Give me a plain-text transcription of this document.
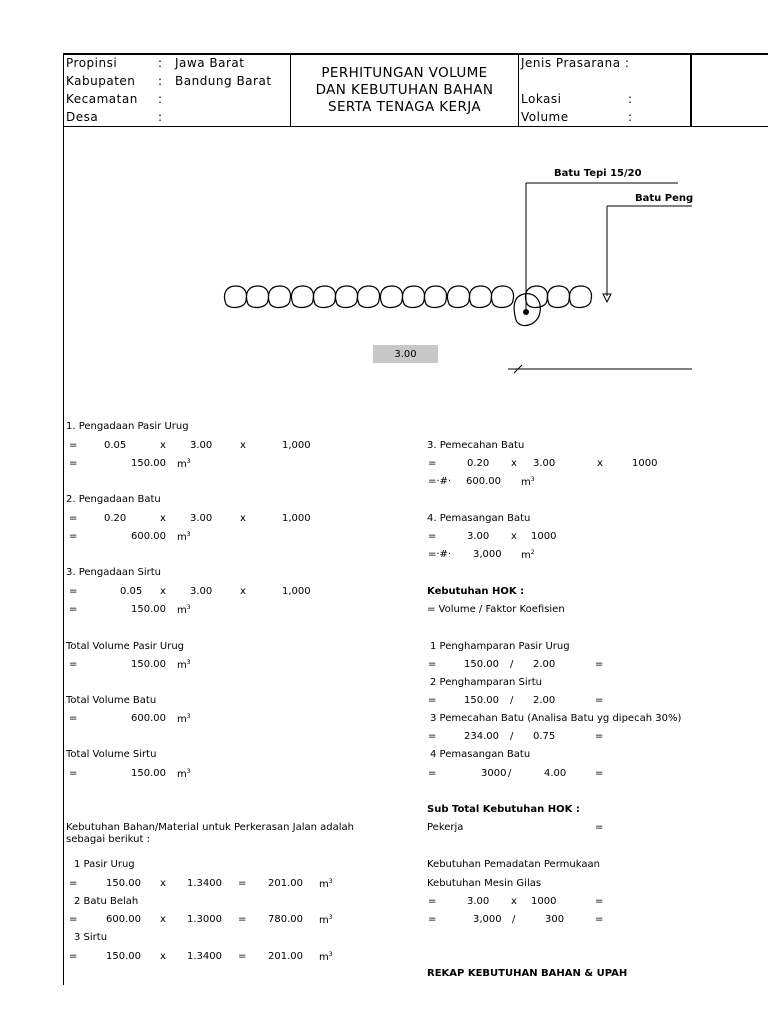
Propinsi	: Jawa Barat
Kabupaten : Bandung Barat
Kecamatan :
Desa	:
PERHITUNGAN VOLUME
DAN KEBUTUHAN BAHAN
SERTA TENAGA KERJA
Jenis Prasarana :
Lokasi	:
Volume	:
Batu Tepi 15/20
Batu Peng
3.00
1. Pengadaan Pasir Urug
=	0.05	x 3.00	x	1,000
=	150.00 $m^3$
2. Pengadaan Batu
=	0.20	x 3.00	x	1,000
=	600.00 $m^3$
3. Pengadaan Sirtu
=	0.05 x 3.00	x	1,000
=	150.00 $m^3$
Total Volume Pasir Urug
=	150.00 $m^3$
Total Volume Batu
=	600.00 $m^3$
Total Volume Sirtu
=	150.00 $m^3$
Kebutuhan Bahan/Material untuk Perkerasan Jalan adalah
sebagai berikut :
1 Pasir Urug
=	150.00 x 1.3400 = 201.00 $m^3$
2 Batu Belah
=	600.00 x 1.3000 = 780.00 $m^3$
3 Sirtu
=	150.00 x 1.3400 = 201.00 $m^3$
3. Pemecahan Batu
=	0.20 x 3.00	x	1000
=·#· 600.00 $m^3$
4. Pemasangan Batu
=	3.00 x 1000
=·#· 3,000 $m^2$
Kebutuhan HOK :
= Volume / Faktor Koefisien
1 Penghamparan Pasir Urug
=	150.00 / 2.00	=
2 Penghamparan Sirtu
=	150.00 / 2.00	=
3 Pemecahan Batu (Analisa Batu yg dipecah 30%)
=	234.00 / 0.75	=
4 Pemasangan Batu
=	3000 /	4.00	=
Sub Total Kebutuhan HOK :
Pekerja	=
Kebutuhan Pemadatan Permukaan
Kebutuhan Mesin Gilas
=	3.00 x 1000	=
=	3,000 /	300	=
REKAP KEBUTUHAN BAHAN & UPAH
